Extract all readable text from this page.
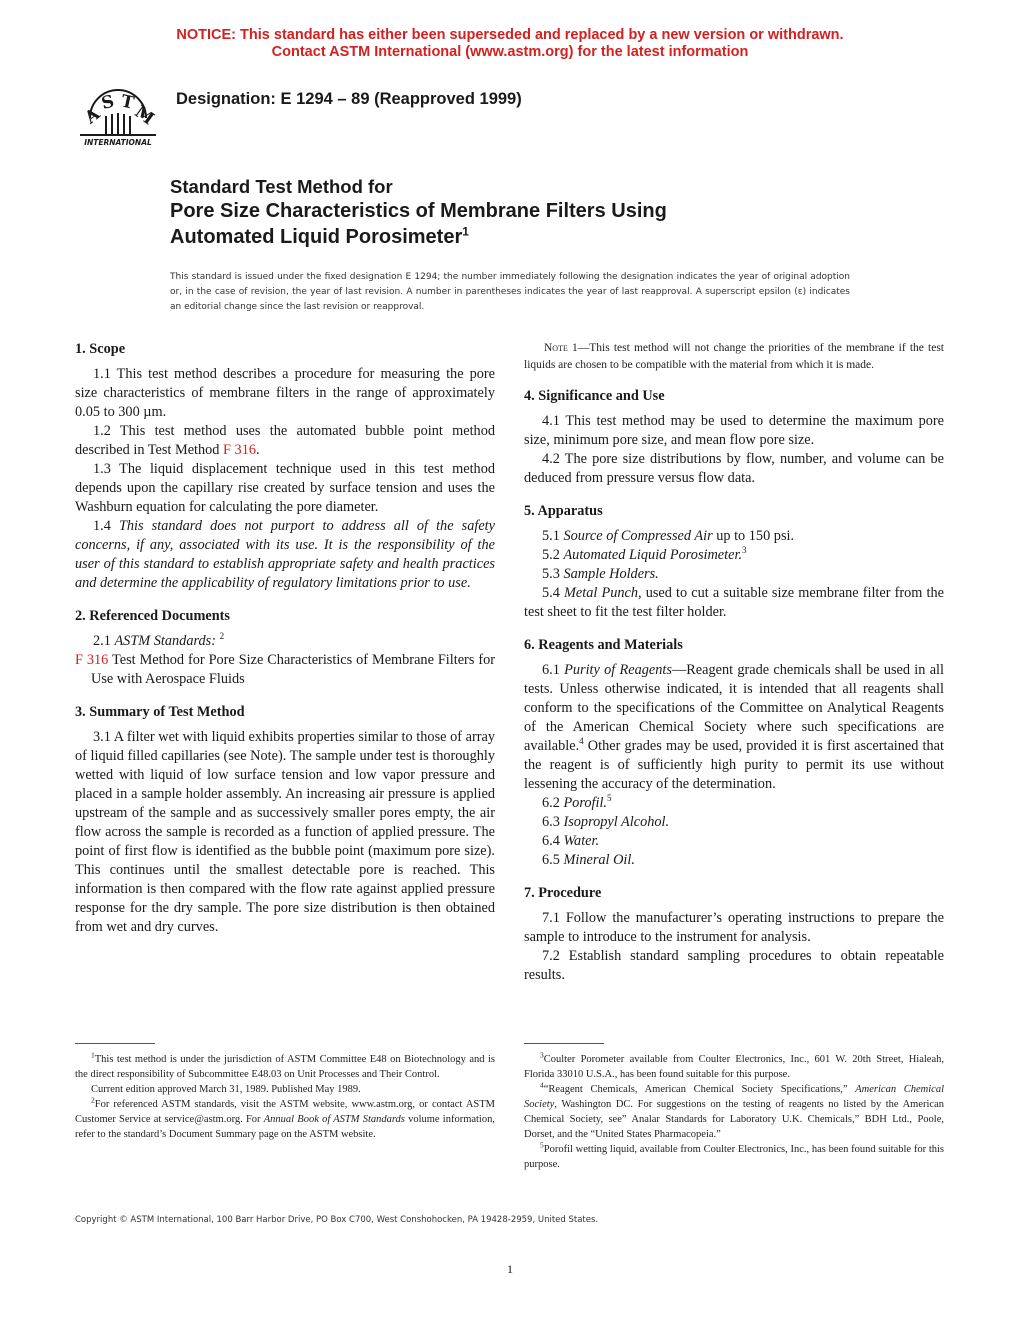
NOTICE: This standard has either been superseded and replaced by a new version or withdrawn.
Contact ASTM International (www.astm.org) for the latest information
A
S T
M
INTERNATIONAL
Designation: E 1294 – 89 (Reapproved 1999)
Standard Test Method for
Pore Size Characteristics of Membrane Filters Using
Automated Liquid Porosimeter$^1$
This standard is issued under the fixed designation E 1294; the number immediately following the designation indicates the year of original adoption or, in the case of revision, the year of last revision. A number in parentheses indicates the year of last reapproval. A superscript epsilon (ε) indicates an editorial change since the last revision or reapproval.
1. Scope

1.1 This test method describes a procedure for measuring the pore size characteristics of membrane filters in the range of approximately 0.05 to 300 µm.

1.2 This test method uses the automated bubble point method described in Test Method F 316.

1.3 The liquid displacement technique used in this test method depends upon the capillary rise created by surface tension and uses the Washburn equation for calculating the pore diameter.

1.4 This standard does not purport to address all of the safety concerns, if any, associated with its use. It is the responsibility of the user of this standard to establish appropriate safety and health practices and determine the applicability of regulatory limitations prior to use.

2. Referenced Documents

2.1 ASTM Standards: $^2$

F 316 Test Method for Pore Size Characteristics of Membrane Filters for Use with Aerospace Fluids

3. Summary of Test Method

3.1 A filter wet with liquid exhibits properties similar to those of array of liquid filled capillaries (see Note). The sample under test is thoroughly wetted with liquid of low surface tension and low vapor pressure and placed in a sample holder assembly. An increasing air pressure is applied upstream of the sample and as successively smaller pores empty, the air flow across the sample is recorded as a function of applied pressure. The point of first flow is identified as the bubble point (maximum pore size). This continues until the smallest detectable pore is reached. This information is then compared with the flow rate against applied pressure response for the dry sample. The pore size distribution is then obtained from wet and dry curves.

Note 1—This test method will not change the priorities of the membrane if the test liquids are chosen to be compatible with the material from which it is made.

4. Significance and Use

4.1 This test method may be used to determine the maximum pore size, minimum pore size, and mean flow pore size.

4.2 The pore size distributions by flow, number, and volume can be deduced from pressure versus flow data.

5. Apparatus

5.1 Source of Compressed Air up to 150 psi.

5.2 Automated Liquid Porosimeter.$^3$

5.3 Sample Holders.

5.4 Metal Punch, used to cut a suitable size membrane filter from the test sheet to fit the test filter holder.

6. Reagents and Materials

6.1 Purity of Reagents—Reagent grade chemicals shall be used in all tests. Unless otherwise indicated, it is intended that all reagents shall conform to the specifications of the Committee on Analytical Reagents of the American Chemical Society where such specifications are available.$^4$ Other grades may be used, provided it is first ascertained that the reagent is of sufficiently high purity to permit its use without lessening the accuracy of the determination.

6.2 Porofil.$^5$

6.3 Isopropyl Alcohol.

6.4 Water.

6.5 Mineral Oil.

7. Procedure

7.1 Follow the manufacturer’s operating instructions to prepare the sample to introduce to the instrument for analysis.

7.2 Establish standard sampling procedures to obtain repeatable results.

$^1$This test method is under the jurisdiction of ASTM Committee E48 on Biotechnology and is the direct responsibility of Subcommittee E48.03 on Unit Processes and Their Control.

Current edition approved March 31, 1989. Published May 1989.

$^2$For referenced ASTM standards, visit the ASTM website, www.astm.org, or contact ASTM Customer Service at service@astm.org. For Annual Book of ASTM Standards volume information, refer to the standard’s Document Summary page on the ASTM website.

$^3$Coulter Porometer available from Coulter Electronics, Inc., 601 W. 20th Street, Hialeah, Florida 33010 U.S.A., has been found suitable for this purpose.

$^4$“Reagent Chemicals, American Chemical Society Specifications,” American Chemical Society, Washington DC. For suggestions on the testing of reagents no listed by the American Chemical Society, see” Analar Standards for Laboratory U.K. Chemicals,” BDH Ltd., Poole, Dorset, and the “United States Pharmacopeia.”

$^5$Porofil wetting liquid, available from Coulter Electronics, Inc., has been found suitable for this purpose.

Copyright © ASTM International, 100 Barr Harbor Drive, PO Box C700, West Conshohocken, PA 19428-2959, United States.
1
